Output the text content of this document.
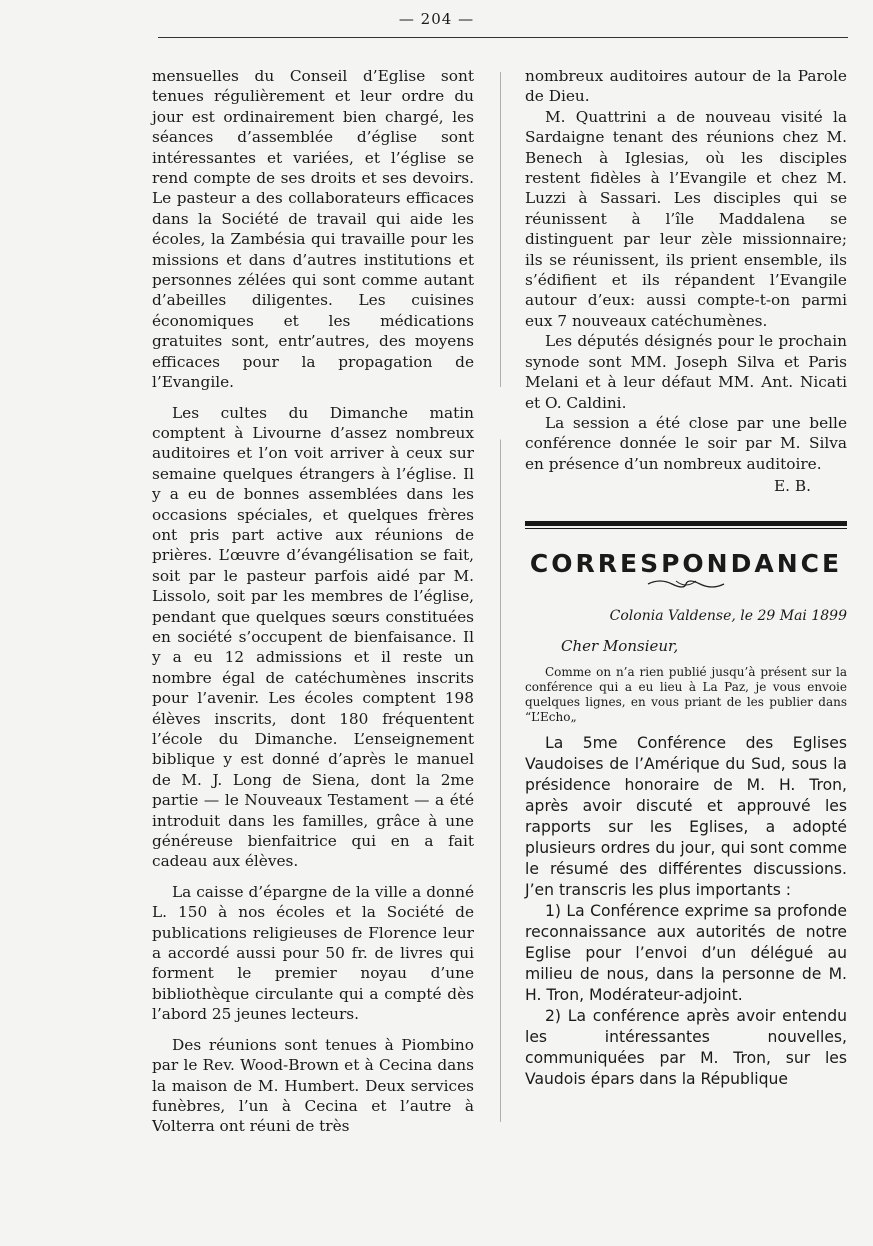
— 204 —

mensuelles du Conseil d’Eglise sont tenues régulièrement et leur ordre du jour est ordinairement bien chargé, les séances d’assemblée d’église sont intéressantes et variées, et l’église se rend compte de ses droits et ses devoirs. Le pasteur a des collaborateurs efficaces dans la Société de travail qui aide les écoles, la Zambésia qui travaille pour les missions et dans d’autres institutions et personnes zélées qui sont comme autant d’abeilles diligentes. Les cuisines économiques et les médications gratuites sont, entr’autres, des moyens efficaces pour la propagation de l’Evangile.

Les cultes du Dimanche matin comptent à Livourne d’assez nombreux auditoires et l’on voit arriver à ceux sur semaine quelques étrangers à l’église. Il y a eu de bonnes assemblées dans les occasions spéciales, et quelques frères ont pris part active aux réunions de prières. L’œuvre d’évangélisation se fait, soit par le pasteur parfois aidé par M. Lissolo, soit par les membres de l’église, pendant que quelques sœurs constituées en société s’occupent de bienfaisance. Il y a eu 12 admissions et il reste un nombre égal de catéchumènes inscrits pour l’avenir. Les écoles comptent 198 élèves inscrits, dont 180 fréquentent l’école du Dimanche. L’enseignement biblique y est donné d’après le manuel de M. J. Long de Siena, dont la 2me partie — le Nouveaux Testament — a été introduit dans les familles, grâce à une généreuse bienfaitrice qui en a fait cadeau aux élèves.

La caisse d’épargne de la ville a donné L. 150 à nos écoles et la Société de publications religieuses de Florence leur a accordé aussi pour 50 fr. de livres qui forment le premier noyau d’une bibliothèque circulante qui a compté dès l’abord 25 jeunes lecteurs.

Des réunions sont tenues à Piombino par le Rev. Wood-Brown et à Cecina dans la maison de M. Humbert. Deux services funèbres, l’un à Cecina et l’autre à Volterra ont réuni de très

nombreux auditoires autour de la Parole de Dieu.

M. Quattrini a de nouveau visité la Sardaigne tenant des réunions chez M. Benech à Iglesias, où les disciples restent fidèles à l’Evangile et chez M. Luzzi à Sassari. Les disciples qui se réunissent à l’île Maddalena se distinguent par leur zèle missionnaire; ils se réunissent, ils prient ensemble, ils s’édifient et ils répandent l’Evangile autour d’eux: aussi compte-t-on parmi eux 7 nouveaux catéchumènes.

Les députés désignés pour le prochain synode sont MM. Joseph Silva et Paris Melani et à leur défaut MM. Ant. Nicati et O. Caldini.

La session a été close par une belle conférence donnée le soir par M. Silva en présence d’un nombreux auditoire.

E. B.

CORRESPONDANCE

Colonia Valdense, le 29 Mai 1899

Cher Monsieur,

Comme on n’a rien publié jusqu’à présent sur la conférence qui a eu lieu à La Paz, je vous envoie quelques lignes, en vous priant de les publier dans “L’Echo„

La 5me Conférence des Eglises Vaudoises de l’Amérique du Sud, sous la présidence honoraire de M. H. Tron, après avoir discuté et approuvé les rapports sur les Eglises, a adopté plusieurs ordres du jour, qui sont comme le résumé des différentes discussions. J’en transcris les plus importants :

1) La Conférence exprime sa profonde reconnaissance aux autorités de notre Eglise pour l’envoi d’un délégué au milieu de nous, dans la personne de M. H. Tron, Modérateur-adjoint.

2) La conférence après avoir entendu les intéressantes nouvelles, communiquées par M. Tron, sur les Vaudois épars dans la République
